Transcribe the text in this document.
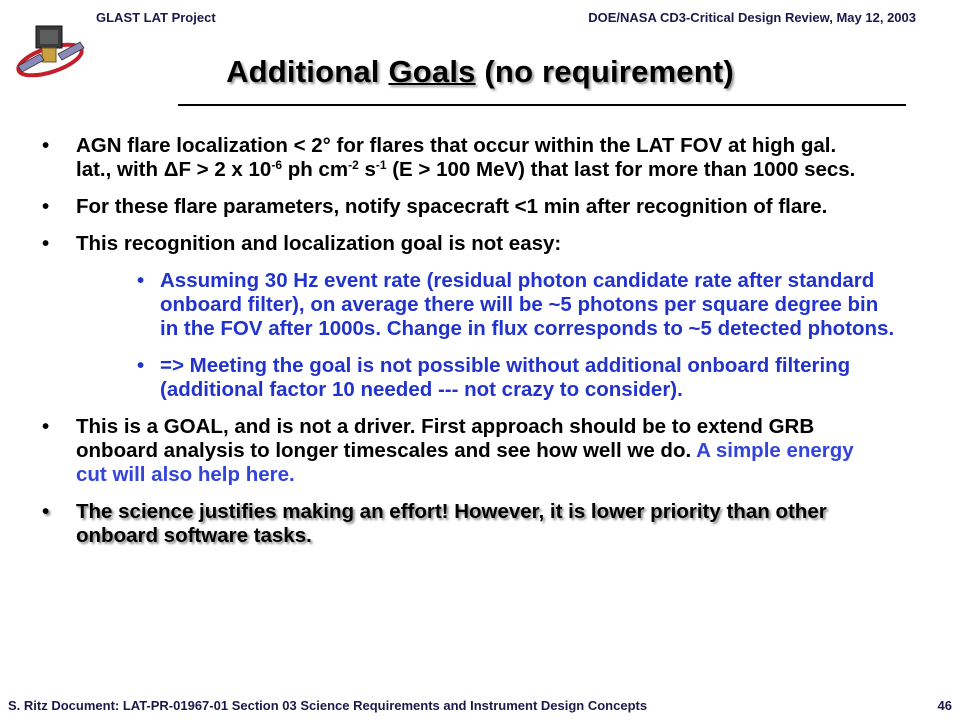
GLAST LAT Project	DOE/NASA CD3-Critical Design Review, May 12, 2003
Additional Goals (no requirement)
• AGN flare localization < 2° for flares that occur within the LAT FOV at high gal. lat., with ΔF > 2 x $10^{-6}$ ph $cm^{-2}$ $s^{-1}$ (E > 100 MeV) that last for more than 1000 secs.
• For these flare parameters, notify spacecraft <1 min after recognition of flare.
• This recognition and localization goal is not easy:
• Assuming 30 Hz event rate (residual photon candidate rate after standard onboard filter), on average there will be ~5 photons per square degree bin in the FOV after 1000s. Change in flux corresponds to ~5 detected photons.
• => Meeting the goal is not possible without additional onboard filtering (additional factor 10 needed --- not crazy to consider).
• This is a GOAL, and is not a driver. First approach should be to extend GRB onboard analysis to longer timescales and see how well we do. A simple energy cut will also help here.
• The science justifies making an effort! However, it is lower priority than other onboard software tasks.
S. Ritz Document: LAT-PR-01967-01 Section 03 Science Requirements and Instrument Design Concepts	46
